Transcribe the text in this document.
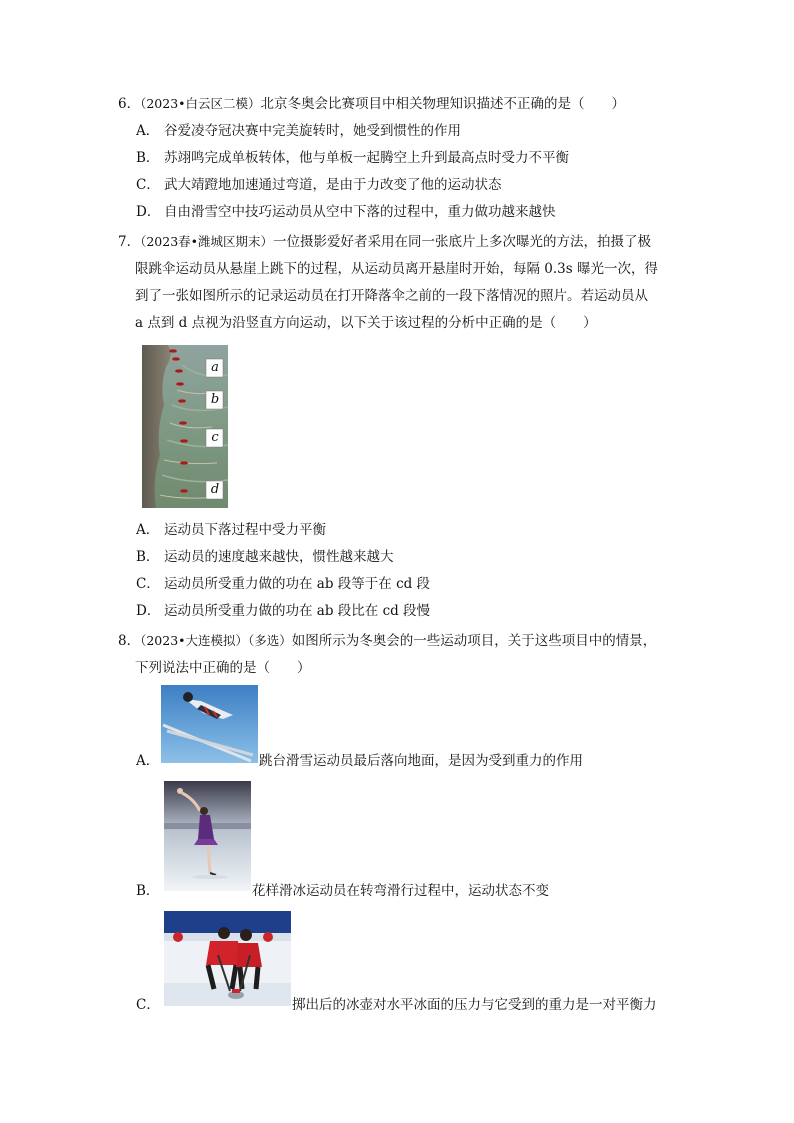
6．（2023•白云区二模）北京冬奥会比赛项目中相关物理知识描述不正确的是（　　）
A． 谷爱凌夺冠决赛中完美旋转时，她受到惯性的作用
B． 苏翊鸣完成单板转体，他与单板一起腾空上升到最高点时受力不平衡
C． 武大靖蹬地加速通过弯道，是由于力改变了他的运动状态
D． 自由滑雪空中技巧运动员从空中下落的过程中，重力做功越来越快
7．（2023春•潍城区期末）一位摄影爱好者采用在同一张底片上多次曝光的方法，拍摄了极
限跳伞运动员从悬崖上跳下的过程，从运动员离开悬崖时开始，每隔 0.3s 曝光一次，得
到了一张如图所示的记录运动员在打开降落伞之前的一段下落情况的照片。若运动员从
a 点到 d 点视为沿竖直方向运动，以下关于该过程的分析中正确的是（　　）
a
b
c
d
A． 运动员下落过程中受力平衡
B． 运动员的速度越来越快，惯性越来越大
C． 运动员所受重力做的功在 ab 段等于在 cd 段
D． 运动员所受重力做的功在 ab 段比在 cd 段慢
8．（2023•大连模拟）（多选）如图所示为冬奥会的一些运动项目，关于这些项目中的情景，
下列说法中正确的是（　　）
A．	跳台滑雪运动员最后落向地面，是因为受到重力的作用
B．	花样滑冰运动员在转弯滑行过程中，运动状态不变
C．	掷出后的冰壶对水平冰面的压力与它受到的重力是一对平衡力
